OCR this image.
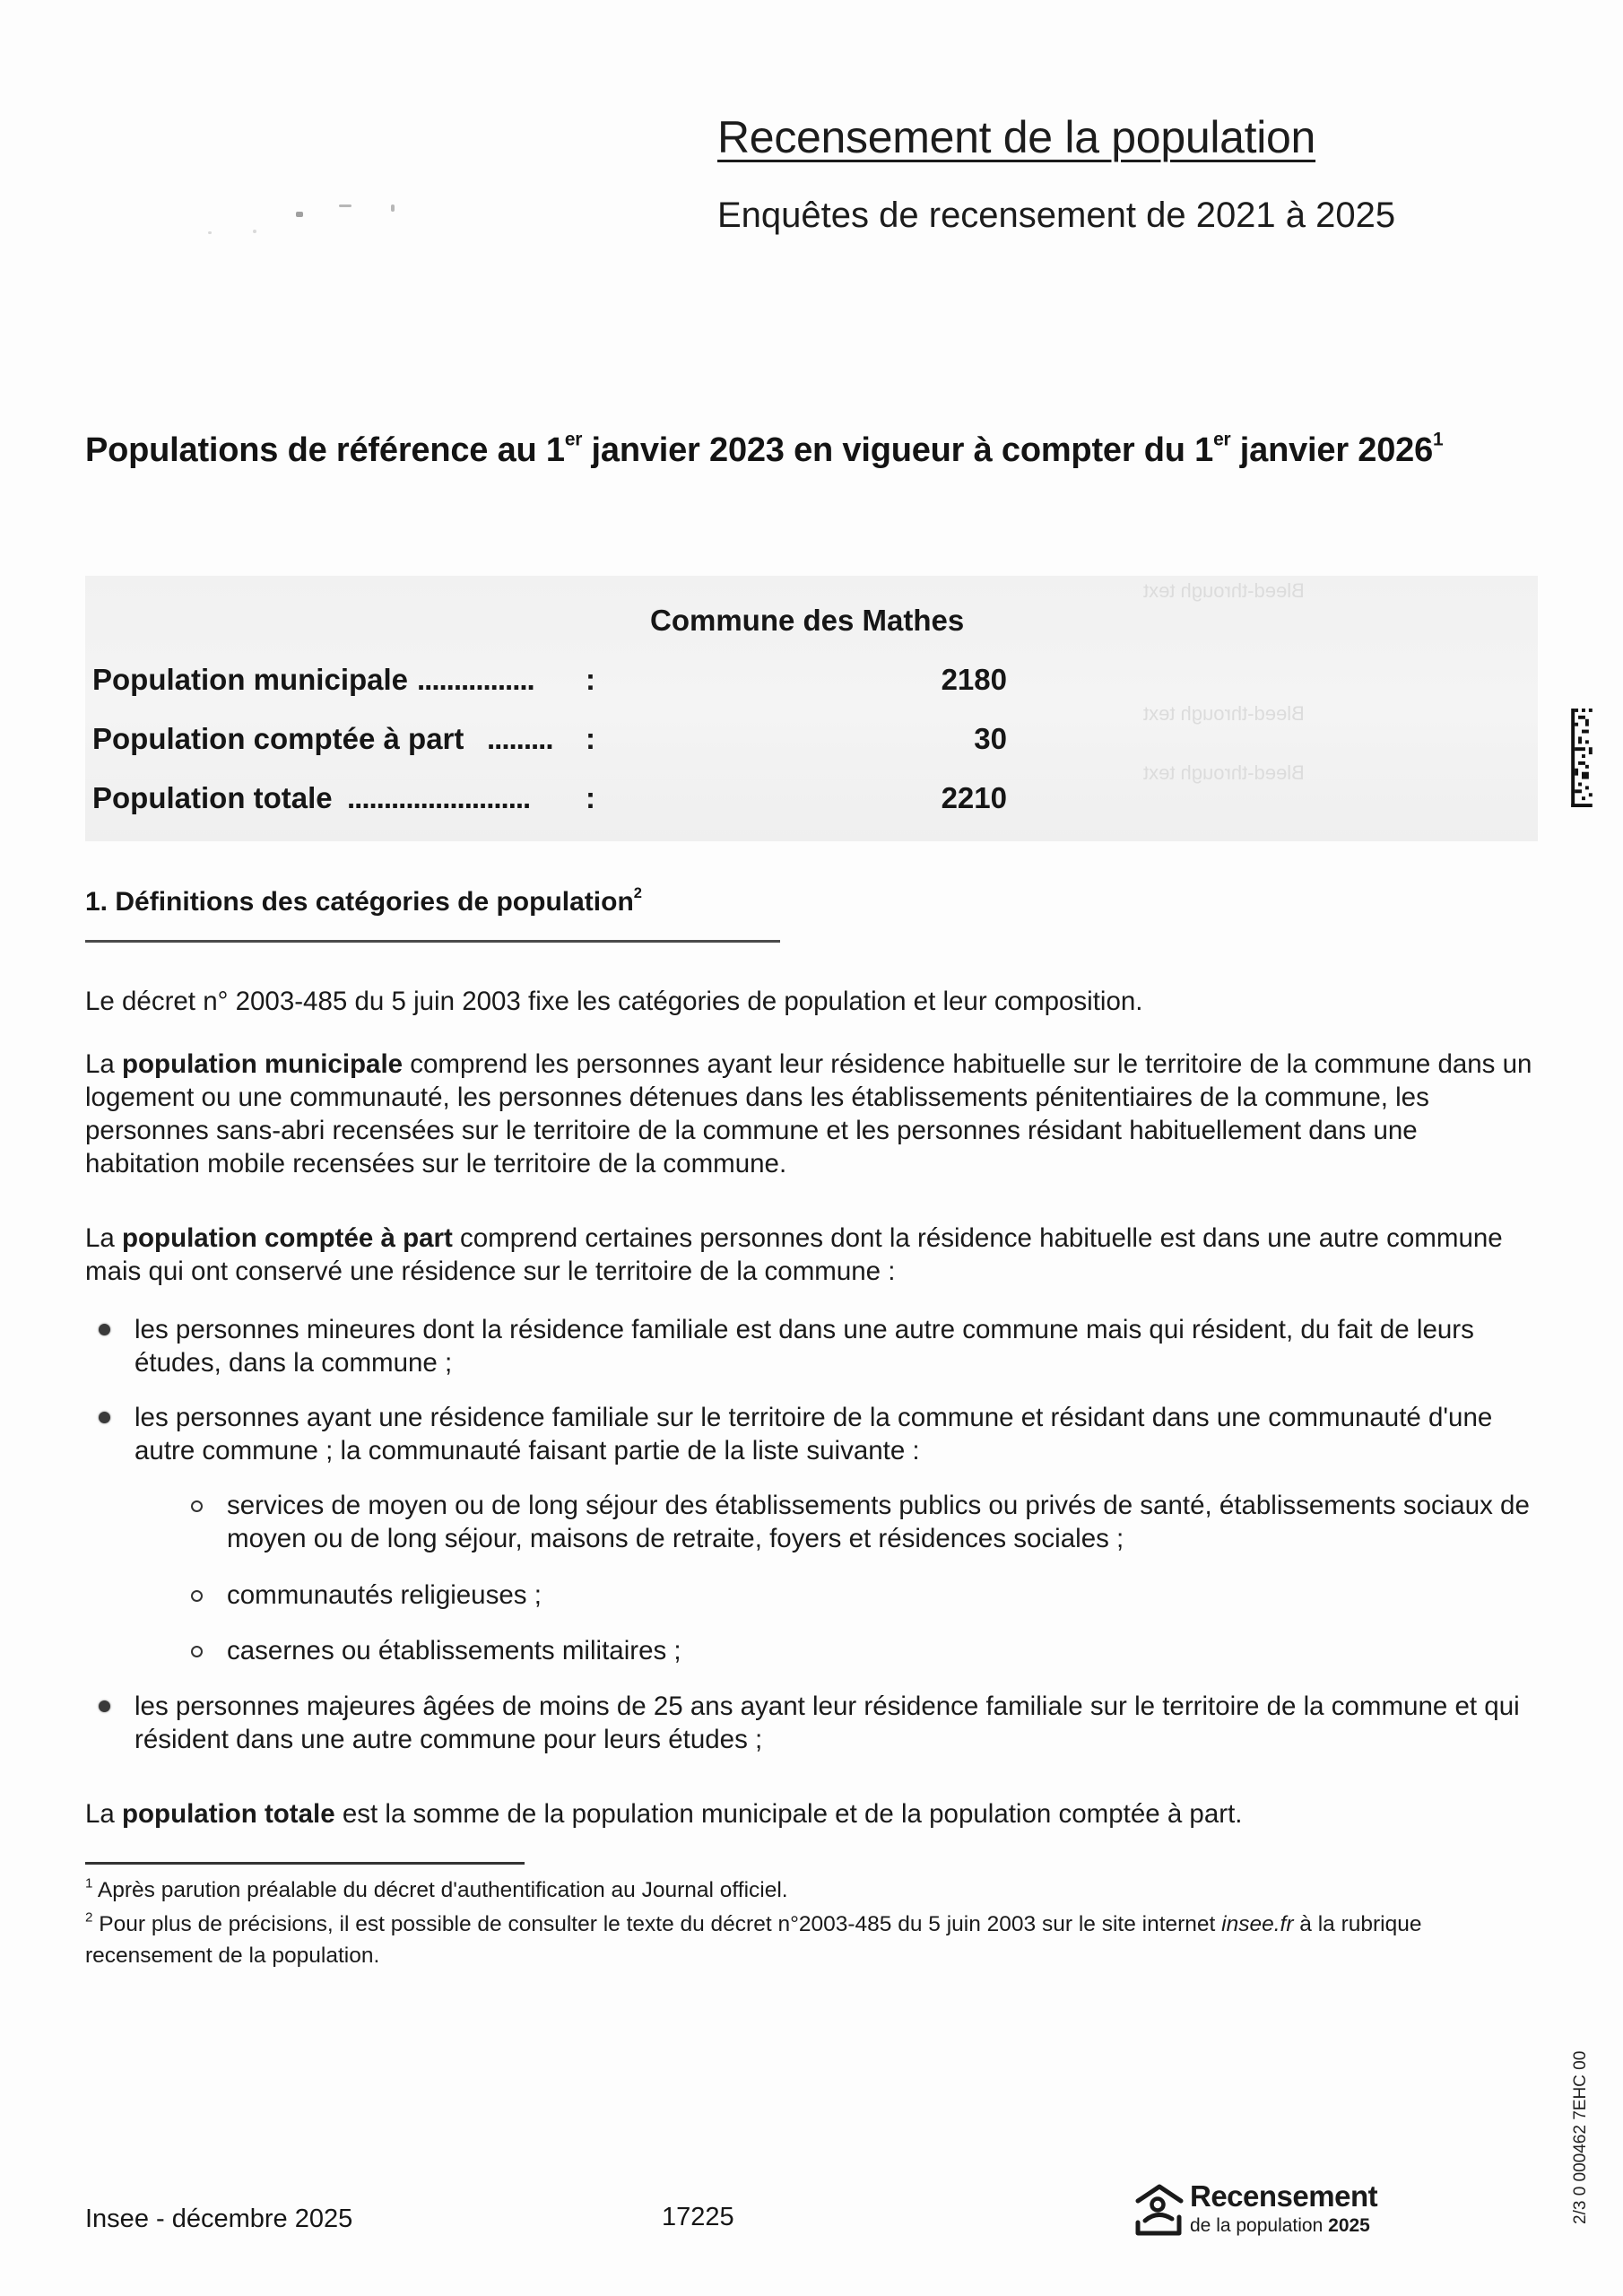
Recensement de la population
Enquêtes de recensement de 2021 à 2025
Populations de référence au 1er janvier 2023 en vigueur à compter du 1er janvier 2026$^1$
Bleed-through text
Bleed-through text
Bleed-through text
Commune des Mathes
Population municipale ................ :	2180
Population comptée à part ......... :	30
Population totale ......................... :	2210
1. Définitions des catégories de population$^2$
Le décret n° 2003-485 du 5 juin 2003 fixe les catégories de population et leur composition.
La population municipale comprend les personnes ayant leur résidence habituelle sur le territoire de la commune dans un logement ou une communauté, les personnes détenues dans les établissements pénitentiaires de la commune, les personnes sans-abri recensées sur le territoire de la commune et les personnes résidant habituellement dans une habitation mobile recensées sur le territoire de la commune.
La population comptée à part comprend certaines personnes dont la résidence habituelle est dans une autre commune mais qui ont conservé une résidence sur le territoire de la commune :
les personnes mineures dont la résidence familiale est dans une autre commune mais qui résident, du fait de leurs études, dans la commune ;
les personnes ayant une résidence familiale sur le territoire de la commune et résidant dans une communauté d'une autre commune ; la communauté faisant partie de la liste suivante :
services de moyen ou de long séjour des établissements publics ou privés de santé, établissements sociaux de moyen ou de long séjour, maisons de retraite, foyers et résidences sociales ;
communautés religieuses ;
casernes ou établissements militaires ;
les personnes majeures âgées de moins de 25 ans ayant leur résidence familiale sur le territoire de la commune et qui résident dans une autre commune pour leurs études ;
La population totale est la somme de la population municipale et de la population comptée à part.
$^1$ Après parution préalable du décret d'authentification au Journal officiel.
$^2$ Pour plus de précisions, il est possible de consulter le texte du décret n°2003-485 du 5 juin 2003 sur le site internet insee.fr à la rubrique recensement de la population.
Insee - décembre 2025	17225
Recensement
de la population 2025
2/3 0 000462 7EHC 00
